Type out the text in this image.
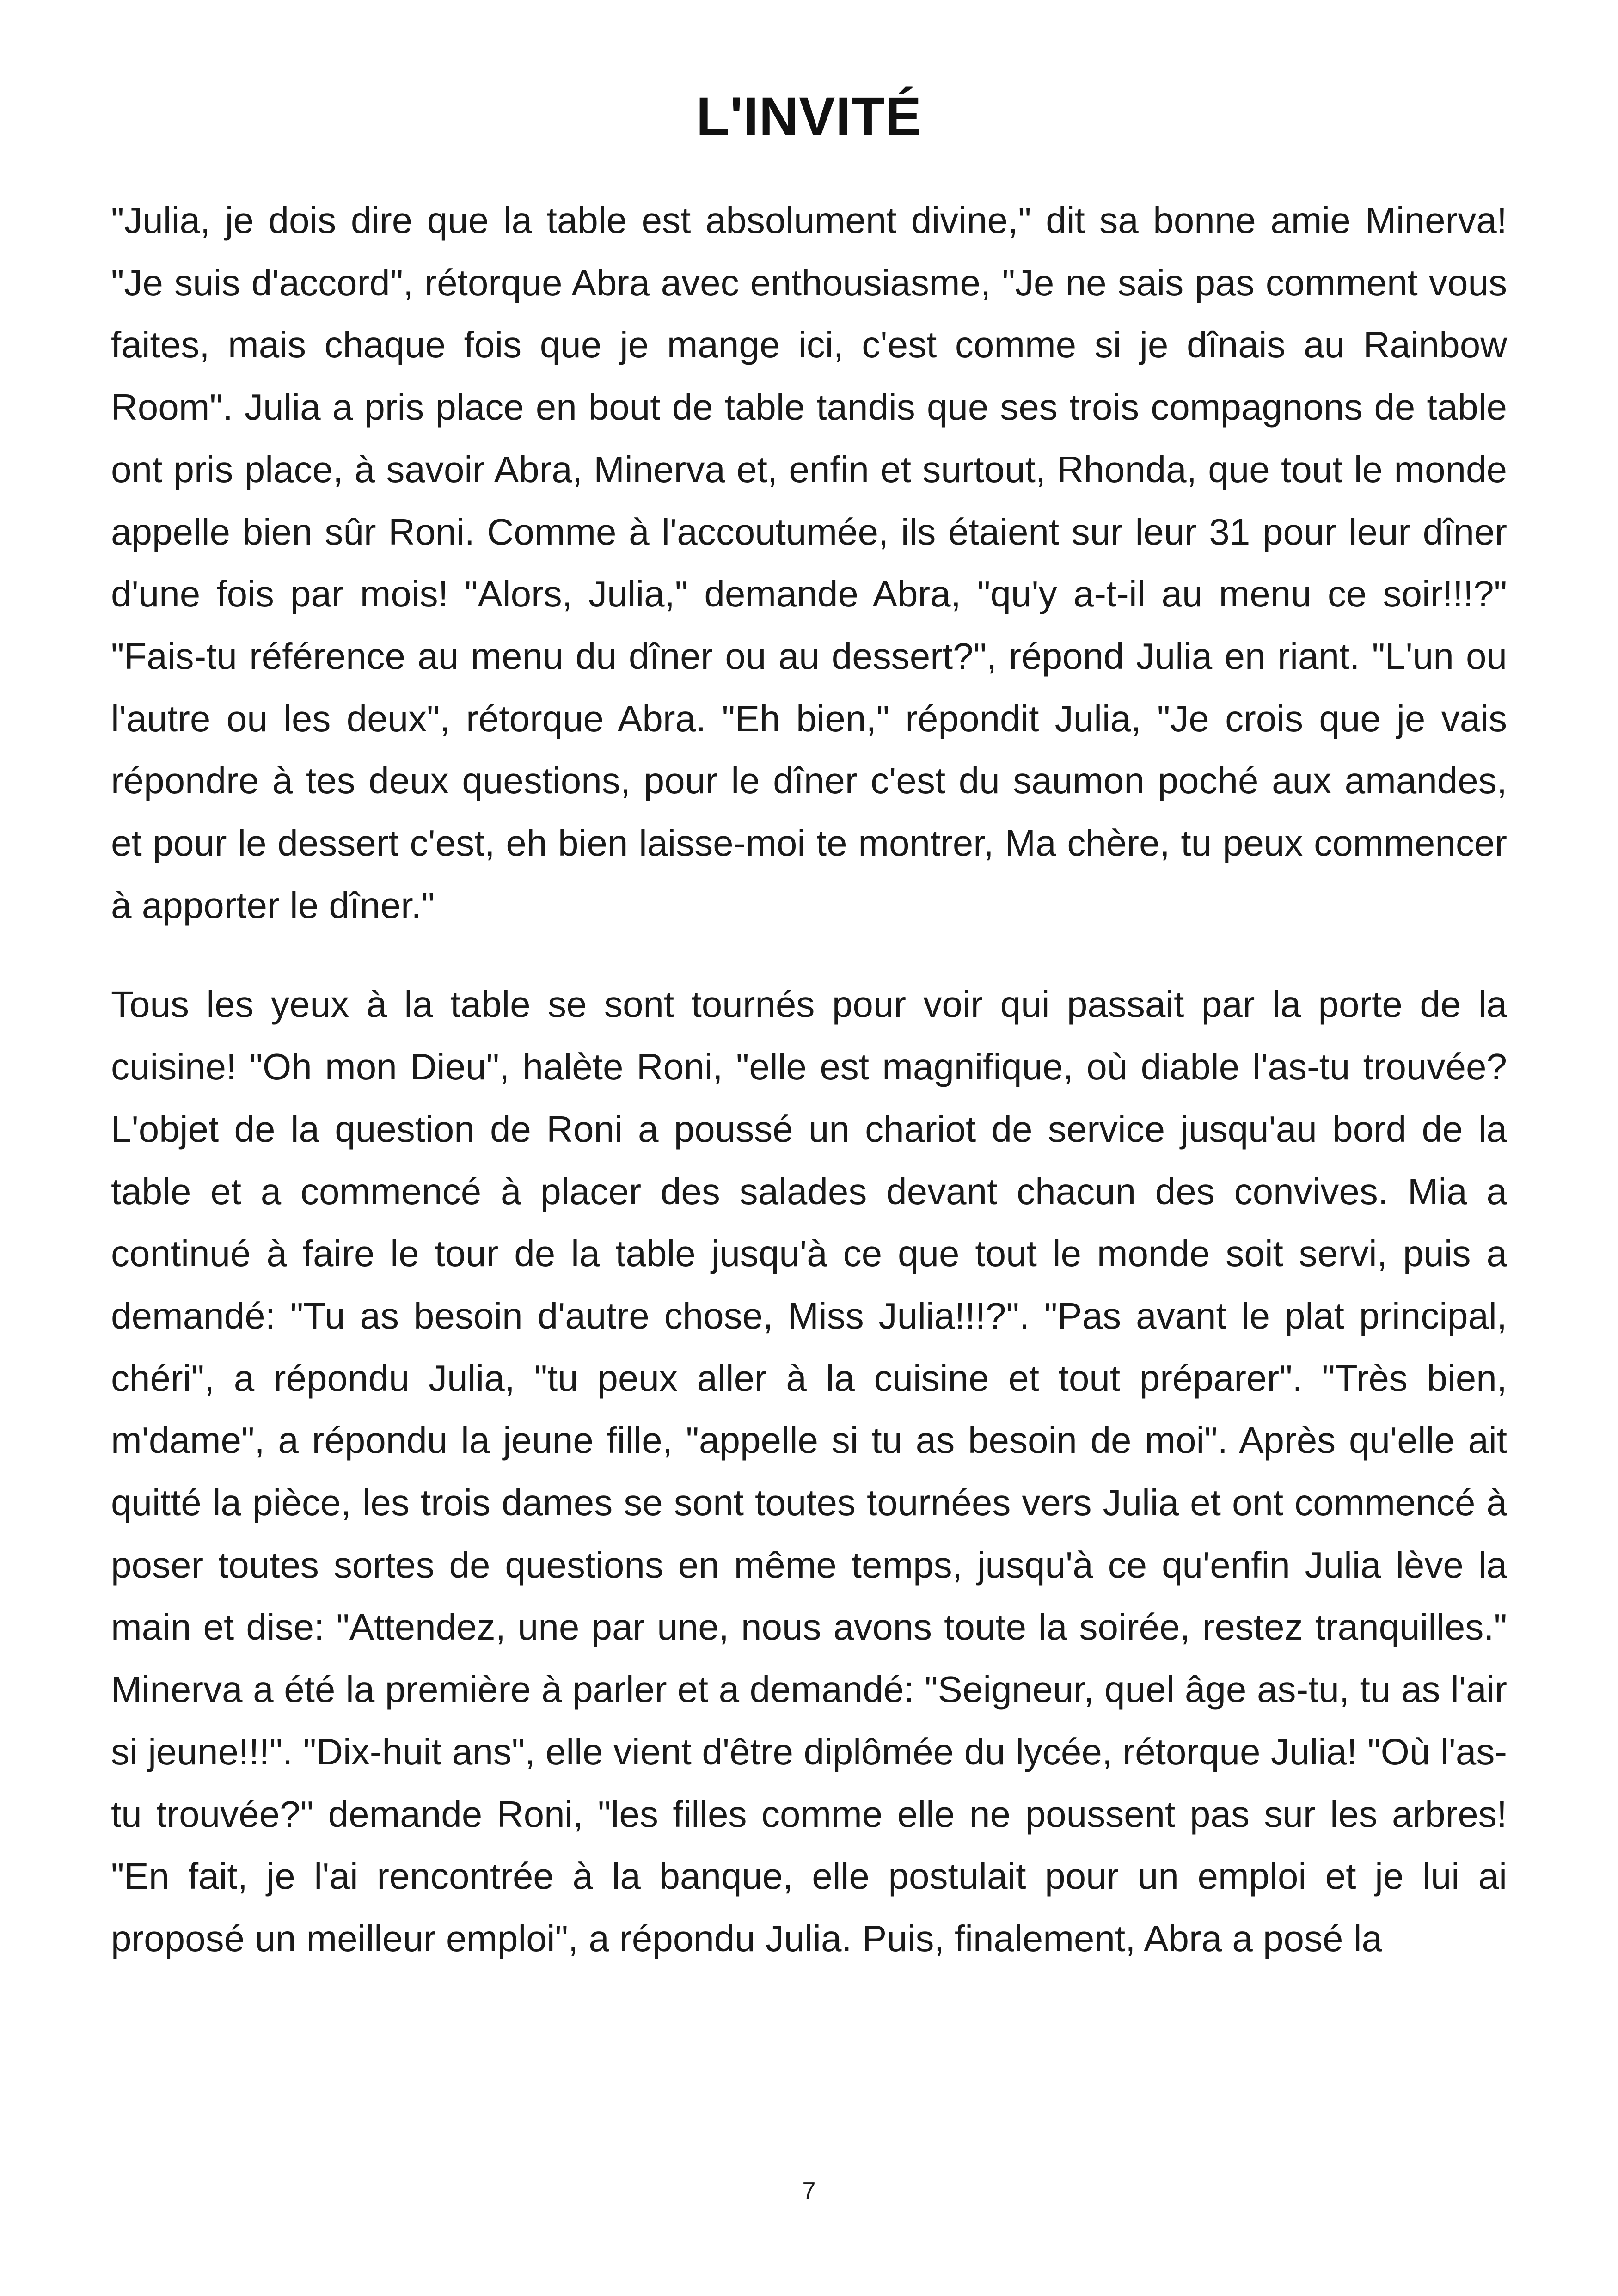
L'INVITÉ

"Julia, je dois dire que la table est absolument divine," dit sa bonne amie Minerva! "Je suis d'accord", rétorque Abra avec enthousiasme, "Je ne sais pas comment vous faites, mais chaque fois que je mange ici, c'est comme si je dînais au Rainbow Room". Julia a pris place en bout de table tandis que ses trois compagnons de table ont pris place, à savoir Abra, Minerva et, enfin et surtout, Rhonda, que tout le monde appelle bien sûr Roni. Comme à l'accoutumée, ils étaient sur leur 31 pour leur dîner d'une fois par mois! "Alors, Julia," demande Abra, "qu'y a-t-il au menu ce soir!!!?" "Fais-tu référence au menu du dîner ou au dessert?", répond Julia en riant. "L'un ou l'autre ou les deux", rétorque Abra. "Eh bien," répondit Julia, "Je crois que je vais répondre à tes deux questions, pour le dîner c'est du saumon poché aux amandes, et pour le dessert c'est, eh bien laisse-moi te montrer, Ma chère, tu peux commencer à apporter le dîner."

Tous les yeux à la table se sont tournés pour voir qui passait par la porte de la cuisine! "Oh mon Dieu", halète Roni, "elle est magnifique, où diable l'as-tu trouvée? L'objet de la question de Roni a poussé un chariot de service jusqu'au bord de la table et a commencé à placer des salades devant chacun des convives. Mia a continué à faire le tour de la table jusqu'à ce que tout le monde soit servi, puis a demandé: "Tu as besoin d'autre chose, Miss Julia!!!?". "Pas avant le plat principal, chéri", a répondu Julia, "tu peux aller à la cuisine et tout préparer". "Très bien, m'dame", a répondu la jeune fille, "appelle si tu as besoin de moi". Après qu'elle ait quitté la pièce, les trois dames se sont toutes tournées vers Julia et ont commencé à poser toutes sortes de questions en même temps, jusqu'à ce qu'enfin Julia lève la main et dise: "Attendez, une par une, nous avons toute la soirée, restez tranquilles." Minerva a été la première à parler et a demandé: "Seigneur, quel âge as-tu, tu as l'air si jeune!!!". "Dix-huit ans", elle vient d'être diplômée du lycée, rétorque Julia! "Où l'as-tu trouvée?" demande Roni, "les filles comme elle ne poussent pas sur les arbres! "En fait, je l'ai rencontrée à la banque, elle postulait pour un emploi et je lui ai proposé un meilleur emploi", a répondu Julia. Puis, finalement, Abra a posé la

7
